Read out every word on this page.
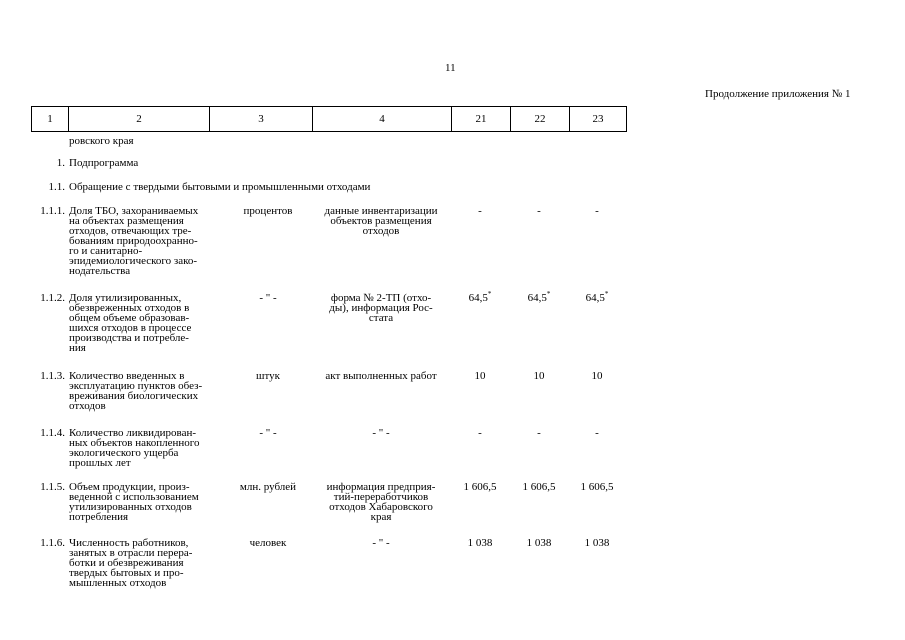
11
Продолжение приложения № 1
1	2	3	4	21	22	23
ровского края
1. Подпрограмма
1.1. Обращение с твердыми бытовыми и промышленными отходами
1.1.1. Доля ТБО, захораниваемых
на объектах размещения
отходов, отвечающих тре-
бованиям природоохранно-
го и санитарно-
эпидемиологического зако-
нодательства
процентов	данные инвентаризации
объектов размещения
отходов
-	-	-
1.1.2. Доля утилизированных,
обезвреженных отходов в
общем объеме образовав-
шихся отходов в процессе
производства и потребле-
ния
- " -	форма № 2-ТП (отхо-
ды), информация Рос-
стата
64,5*	64,5*	64,5*
1.1.3. Количество введенных в
эксплуатацию пунктов обез-
вреживания биологических
отходов
штук	акт выполненных работ	10	10	10
1.1.4. Количество ликвидирован-
ных объектов накопленного
экологического ущерба
прошлых лет
- " -	- " -	-	-	-
1.1.5. Объем продукции, произ-
веденной с использованием
утилизированных отходов
потребления
млн. рублей	информация предприя-
тий-переработчиков
отходов Хабаровского
края
1 606,5	1 606,5	1 606,5
1.1.6. Численность работников,
занятых в отрасли перера-
ботки и обезвреживания
твердых бытовых и про-
мышленных отходов
человек	- " -	1 038	1 038	1 038
